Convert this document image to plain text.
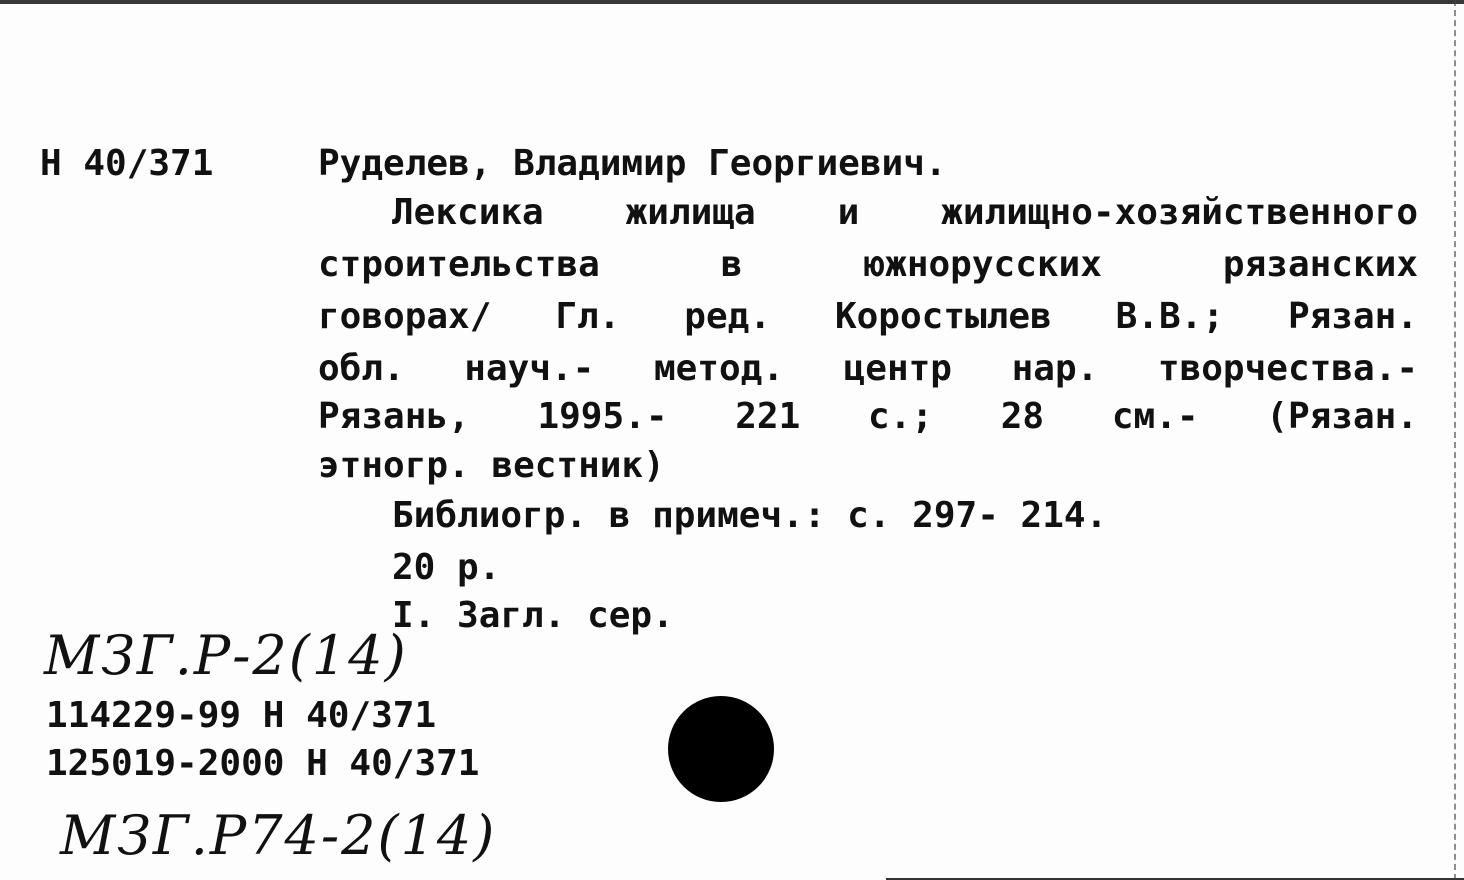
Н 40/371	Руделев, Владимир Георгиевич.
Лексика жилища и жилищно-хозяйственного
строительства в южнорусских рязанских
говорах/ Гл. ред. Коростылев В.В.; Рязан.
обл. науч.- метод. центр нар. творчества.-
Рязань, 1995.- 221 с.; 28 см.- (Рязан.
этногр. вестник)
Библиогр. в примеч.: с. 297- 214.
20 р.
I. Загл. сер.
МЗГ.Р-2(14)
114229-99 Н 40/371
125019-2000 Н 40/371
МЗГ.Р74-2(14)
